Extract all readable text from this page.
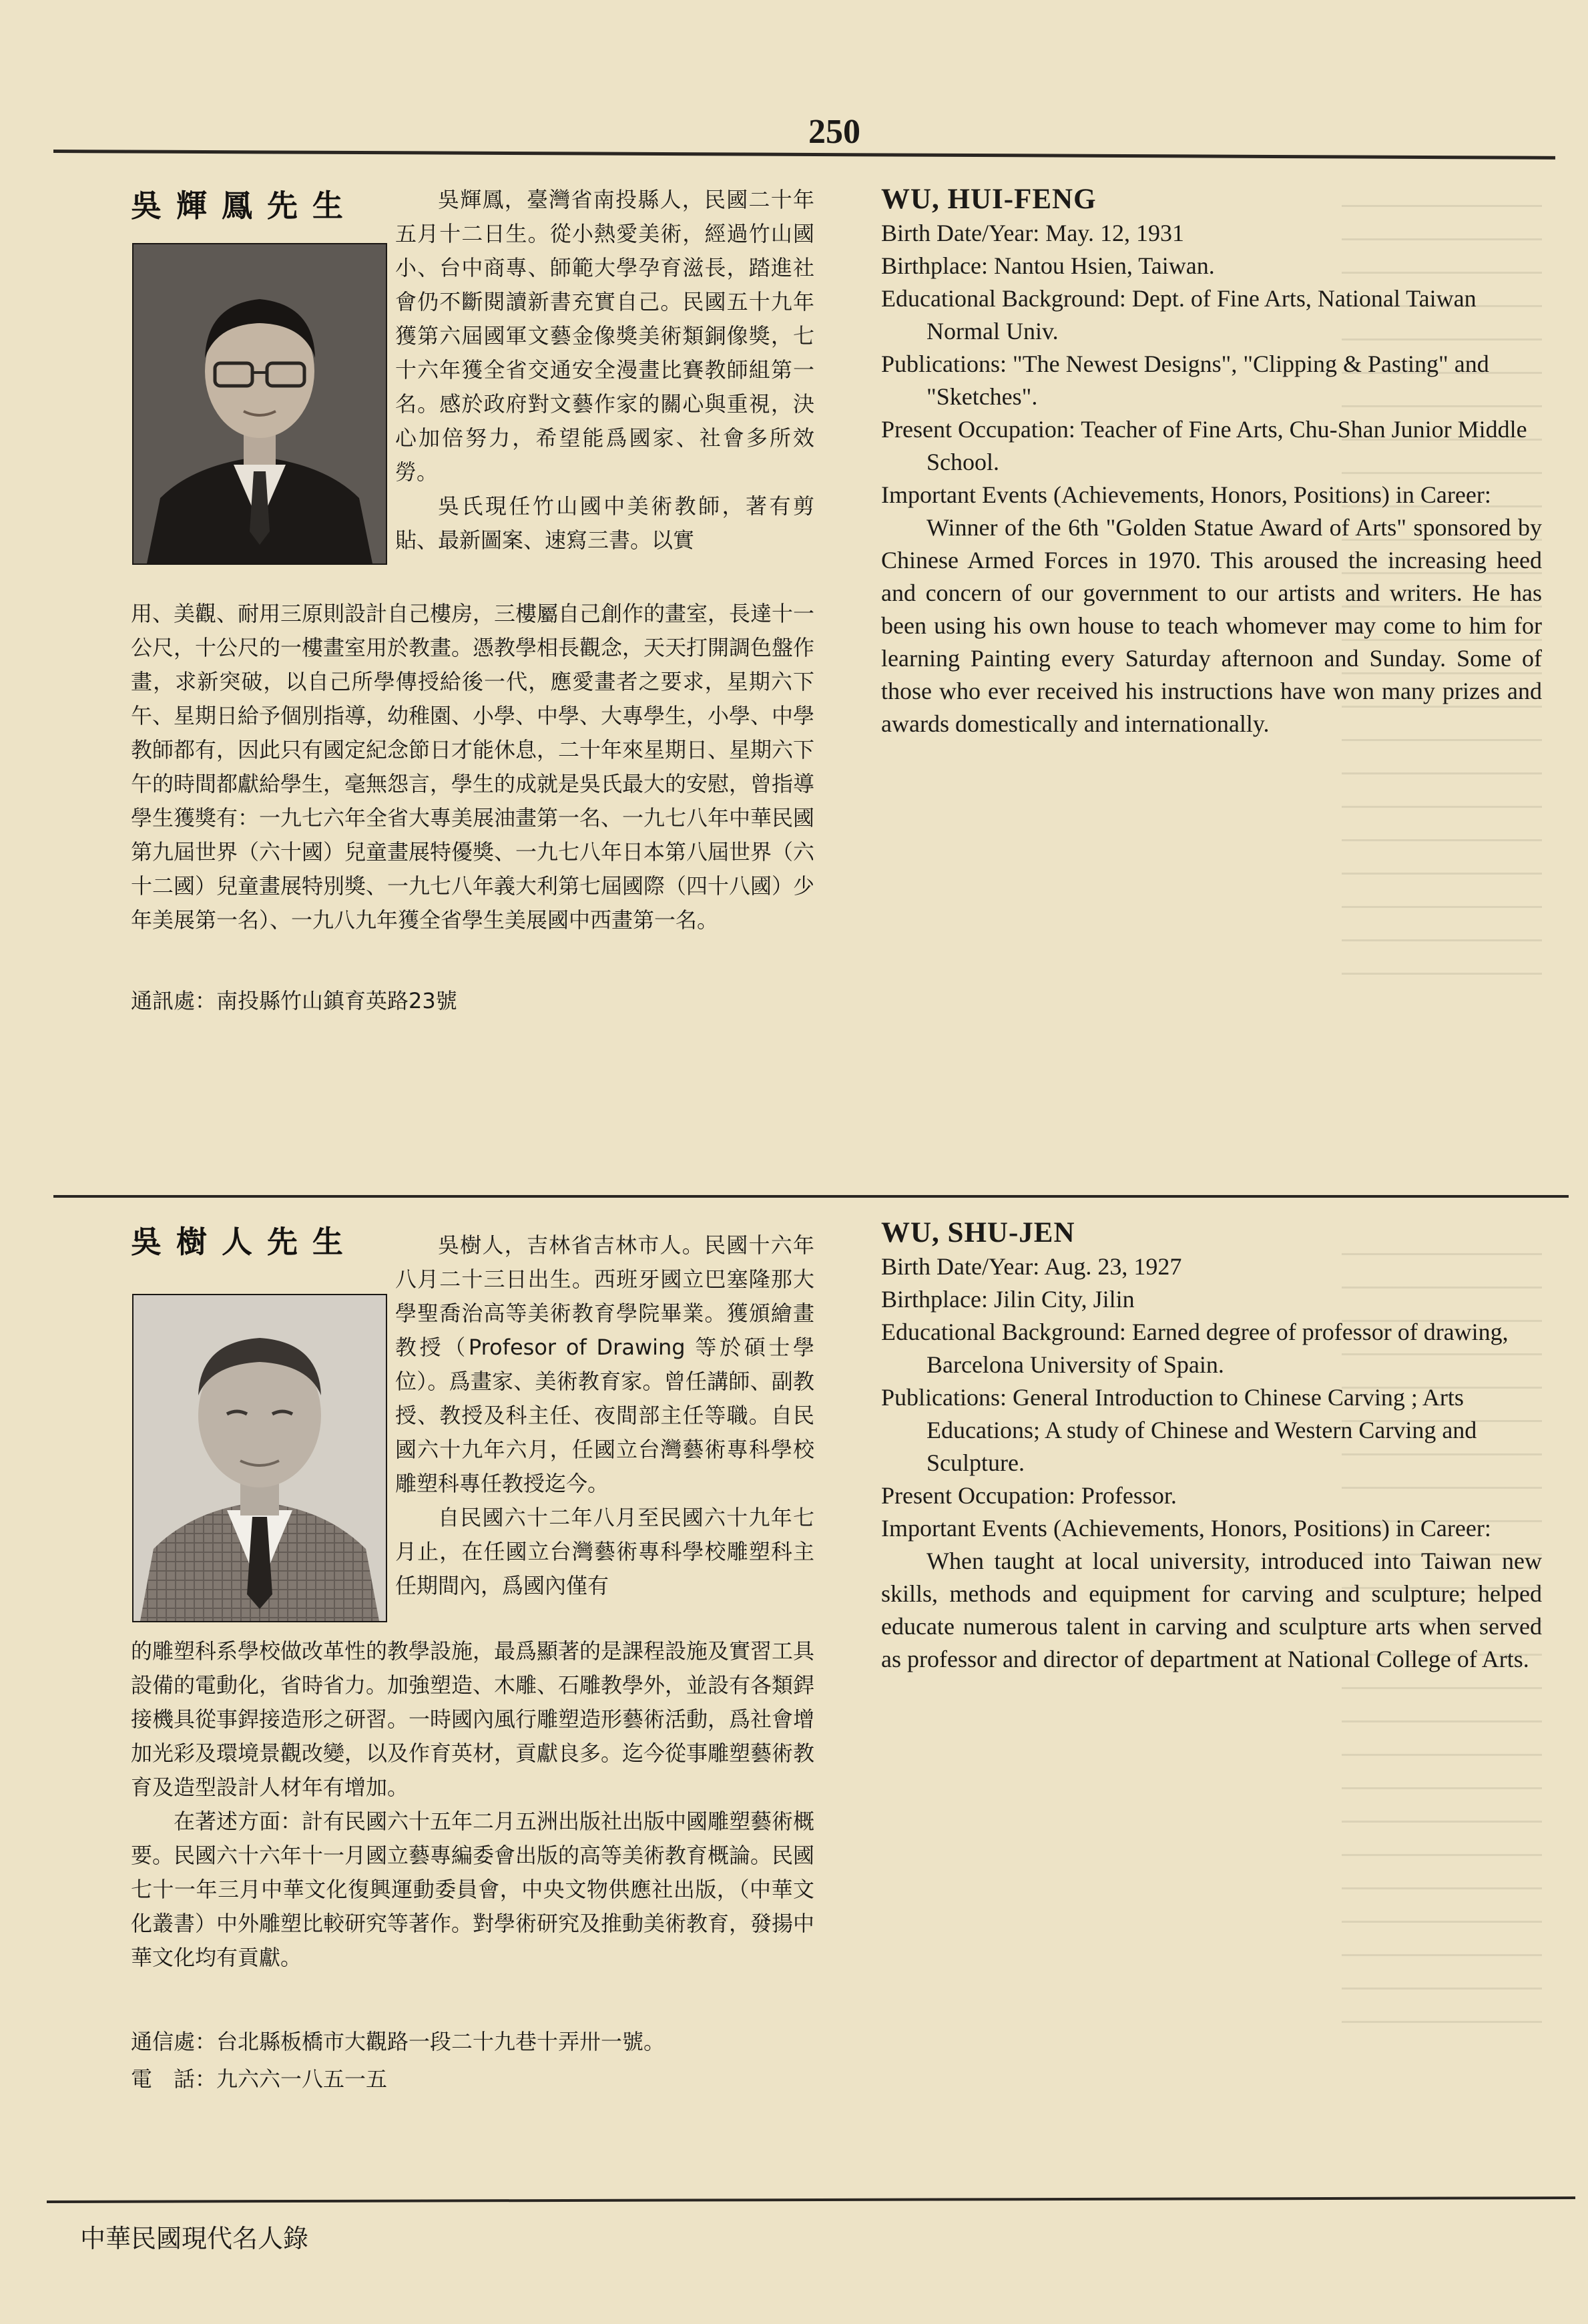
250
吳輝鳳先生	吳輝鳳，臺灣省南投縣人，民國二十年五月十二日生。從小熱愛美術，經過竹山國小、台中商專、師範大學孕育滋長，踏進社會仍不斷閱讀新書充實自己。民國五十九年獲第六屆國軍文藝金像獎美術類銅像獎，七十六年獲全省交通安全漫畫比賽教師組第一名。感於政府對文藝作家的關心與重視，決心加倍努力，希望能爲國家、社會多所效勞。

吳氏現任竹山國中美術教師，著有剪貼、最新圖案、速寫三書。以實

用、美觀、耐用三原則設計自己樓房，三樓屬自己創作的畫室，長達十一公尺，十公尺的一樓畫室用於教畫。憑教學相長觀念，天天打開調色盤作畫，求新突破，以自己所學傳授給後一代，應愛畫者之要求，星期六下午、星期日給予個別指導，幼稚園、小學、中學、大專學生，小學、中學教師都有，因此只有國定紀念節日才能休息，二十年來星期日、星期六下午的時間都獻給學生，毫無怨言，學生的成就是吳氏最大的安慰，曾指導學生獲獎有：一九七六年全省大專美展油畫第一名、一九七八年中華民國第九屆世界（六十國）兒童畫展特優獎、一九七八年日本第八屆世界（六十二國）兒童畫展特別獎、一九七八年義大利第七屆國際（四十八國）少年美展第一名）、一九八九年獲全省學生美展國中西畫第一名。

通訊處：南投縣竹山鎮育英路23號
WU, HUI-FENG

Birth Date/Year: May. 12, 1931

Birthplace: Nantou Hsien, Taiwan.

Educational Background: Dept. of Fine Arts, National Taiwan Normal Univ.

Publications: "The Newest Designs", "Clipping & Pasting" and "Sketches".

Present Occupation: Teacher of Fine Arts, Chu-Shan Junior Middle School.

Important Events (Achievements, Honors, Positions) in Career:

Winner of the 6th "Golden Statue Award of Arts" sponsored by Chinese Armed Forces in 1970. This aroused the increasing heed and concern of our government to our artists and writers. He has been using his own house to teach whomever may come to him for learning Painting every Saturday afternoon and Sunday. Some of those who ever received his instructions have won many prizes and awards domestically and internationally.

吳樹人先生	吳樹人，吉林省吉林市人。民國十六年八月二十三日出生。西班牙國立巴塞隆那大學聖喬治高等美術教育學院畢業。獲頒繪畫教授（Profesor of Drawing 等於碩士學位）。爲畫家、美術教育家。曾任講師、副教授、教授及科主任、夜間部主任等職。自民國六十九年六月，任國立台灣藝術專科學校雕塑科專任教授迄今。

自民國六十二年八月至民國六十九年七月止，在任國立台灣藝術專科學校雕塑科主任期間內，爲國內僅有

的雕塑科系學校做改革性的教學設施，最爲顯著的是課程設施及實習工具設備的電動化，省時省力。加強塑造、木雕、石雕教學外，並設有各類銲接機具從事銲接造形之研習。一時國內風行雕塑造形藝術活動，爲社會增加光彩及環境景觀改變，以及作育英材，貢獻良多。迄今從事雕塑藝術教育及造型設計人材年有增加。

在著述方面：計有民國六十五年二月五洲出版社出版中國雕塑藝術概要。民國六十六年十一月國立藝專編委會出版的高等美術教育概論。民國七十一年三月中華文化復興運動委員會，中央文物供應社出版，（中華文化叢書）中外雕塑比較研究等著作。對學術研究及推動美術教育，發揚中華文化均有貢獻。

通信處：台北縣板橋市大觀路一段二十九巷十弄卅一號。
電　話：九六六一八五一五
WU, SHU-JEN

Birth Date/Year: Aug. 23, 1927

Birthplace: Jilin City, Jilin

Educational Background: Earned degree of professor of drawing, Barcelona University of Spain.

Publications: General Introduction to Chinese Carving ; Arts Educations; A study of Chinese and Western Carving and Sculpture.

Present Occupation: Professor.

Important Events (Achievements, Honors, Positions) in Career:

When taught at local university, introduced into Taiwan new skills, methods and equipment for carving and sculpture; helped educate numerous talent in carving and sculpture arts when served as professor and director of department at National College of Arts.

中華民國現代名人錄
